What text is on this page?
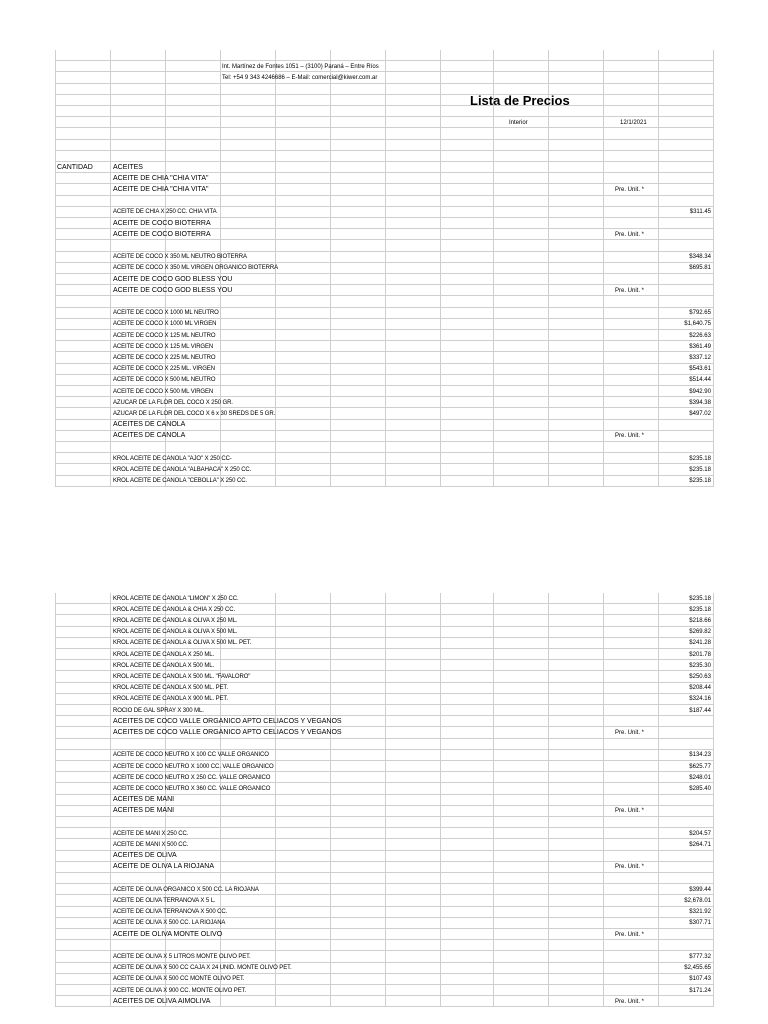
Int. Martínez de Fontes 1051 – (3100) Paraná – Entre Ríos
Tel: +54 9 343 4246686 – E-Mail: comercial@kiwer.com.ar
Lista de Precios
Interior	12/1/2021
CANTIDAD	ACEITES
ACEITE DE CHIA "CHIA VITA"
ACEITE DE CHIA "CHIA VITA"	Pre. Unit. *
ACEITE DE CHIA X 250 CC. CHIA VITA	$311.45
ACEITE DE COCO BIOTERRA
ACEITE DE COCO BIOTERRA	Pre. Unit. *
ACEITE DE COCO X 350 ML NEUTRO BIOTERRA	$348.34
ACEITE DE COCO X 350 ML VIRGEN ORGANICO BIOTERRA	$695.81
ACEITE DE COCO GOD BLESS YOU
ACEITE DE COCO GOD BLESS YOU	Pre. Unit. *
ACEITE DE COCO X 1000 ML NEUTRO	$792.65
ACEITE DE COCO X 1000 ML VIRGEN	$1,640.75
ACEITE DE COCO X 125 ML NEUTRO	$226.63
ACEITE DE COCO X 125 ML VIRGEN	$361.49
ACEITE DE COCO X 225 ML NEUTRO	$337.12
ACEITE DE COCO X 225 ML. VIRGEN	$543.61
ACEITE DE COCO X 500 ML NEUTRO	$514.44
ACEITE DE COCO X 500 ML VIRGEN	$942.90
AZUCAR DE LA FLOR DEL COCO X 250 GR.	$394.38
AZUCAR DE LA FLOR DEL COCO X 6 x 30 SREDS DE 5 GR.	$497.02
ACEITES DE CANOLA
ACEITES DE CANOLA	Pre. Unit. *
KROL ACEITE DE CANOLA "AJO" X 250 CC-	$235.18
KROL ACEITE DE CANOLA "ALBAHACA" X 250 CC.	$235.18
KROL ACEITE DE CANOLA "CEBOLLA" X 250 CC.	$235.18
KROL ACEITE DE CANOLA "LIMON" X 250 CC.	$235.18
KROL ACEITE DE CANOLA & CHIA X 250 CC.	$235.18
KROL ACEITE DE CANOLA & OLIVA X 250 ML.	$218.66
KROL ACEITE DE CANOLA & OLIVA X 500 ML.	$269.82
KROL ACEITE DE CANOLA & OLIVA X 500 ML. PET.	$241.28
KROL ACEITE DE CANOLA X 250 ML.	$201.78
KROL ACEITE DE CANOLA X 500 ML.	$235.30
KROL ACEITE DE CANOLA X 500 ML. "FAVALORO"	$250.63
KROL ACEITE DE CANOLA X 500 ML. PET.	$208.44
KROL ACEITE DE CANOLA X 900 ML. PET.	$324.16
ROCIO DE GAL SPRAY X 300 ML.	$187.44
ACEITES DE COCO VALLE ORGANICO APTO CELIACOS Y VEGANOS
ACEITES DE COCO VALLE ORGANICO APTO CELIACOS Y VEGANOS	Pre. Unit. *
ACEITE DE COCO NEUTRO X 100 CC VALLE ORGANICO	$134.23
ACEITE DE COCO NEUTRO X 1000 CC. VALLE ORGANICO	$625.77
ACEITE DE COCO NEUTRO X 250 CC. VALLE ORGANICO	$248.01
ACEITE DE COCO NEUTRO X 360 CC. VALLE ORGANICO	$285.40
ACEITES DE MANI
ACEITES DE MANI	Pre. Unit. *
ACEITE DE MANI X 250 CC.	$204.57
ACEITE DE MANI X 500 CC.	$264.71
ACEITES DE OLIVA
ACEITE DE OLIVA LA RIOJANA	Pre. Unit. *
ACEITE DE OLIVA ORGANICO X 500 CC. LA RIOJANA	$399.44
ACEITE DE OLIVA TERRANOVA X 5 L.	$2,678.01
ACEITE DE OLIVA TERRANOVA X 500 CC.	$321.92
ACEITE DE OLIVA X 500 CC. LA RIOJANA	$307.71
ACEITE DE OLIVA MONTE OLIVO	Pre. Unit. *
ACEITE DE OLIVA X 5 LITROS MONTE OLIVO PET.	$777.32
ACEITE DE OLIVA X 500 CC CAJA X 24 UNID. MONTE OLIVO PET.	$2,455.65
ACEITE DE OLIVA X 500 CC MONTE OLIVO PET.	$107.43
ACEITE DE OLIVA X 900 CC. MONTE OLIVO PET.	$171.24
ACEITES DE OLIVA AIMOLIVA	Pre. Unit. *
